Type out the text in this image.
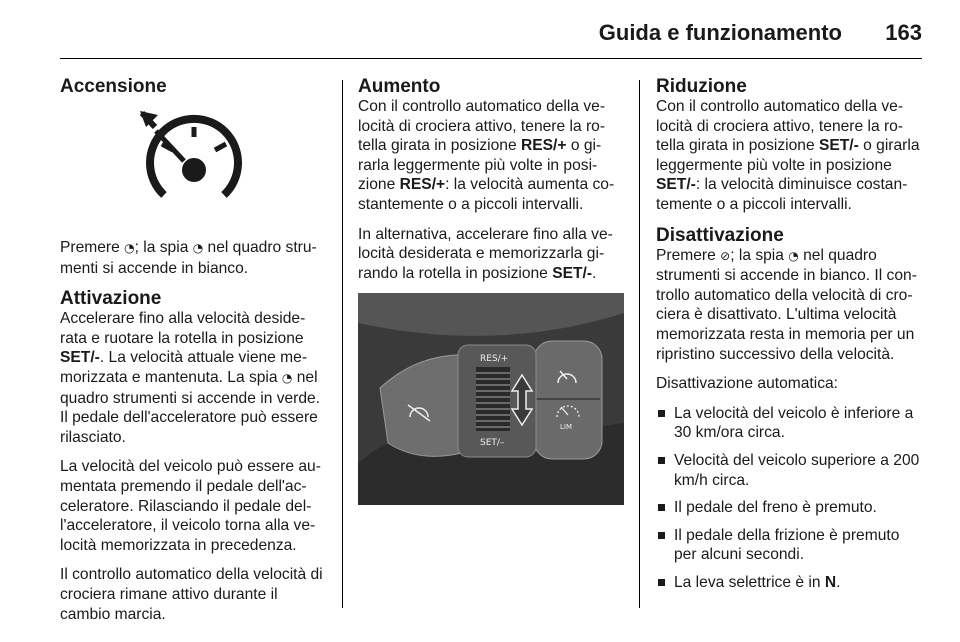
Guida e funzionamento 163
Accensione

Premere ◔; la spia ◔ nel quadro stru-menti si accende in bianco.

Attivazione

Accelerare fino alla velocità deside-rata e ruotare la rotella in posizione SET/-. La velocità attuale viene me-morizzata e mantenuta. La spia ◔ nel quadro strumenti si accende in verde. Il pedale dell'acceleratore può essere rilasciato.

La velocità del veicolo può essere au-mentata premendo il pedale dell'ac-celeratore. Rilasciando il pedale del-l'acceleratore, il veicolo torna alla ve-locità memorizzata in precedenza.

Il controllo automatico della velocità di crociera rimane attivo durante il cambio marcia.

Aumento

Con il controllo automatico della ve-locità di crociera attivo, tenere la ro-tella girata in posizione RES/+ o gi-rarla leggermente più volte in posi-zione RES/+: la velocità aumenta co-stantemente o a piccoli intervalli.

In alternativa, accelerare fino alla ve-locità desiderata e memorizzarla gi-rando la rotella in posizione SET/-.

RES/+
SET/–
LIM
Riduzione

Con il controllo automatico della ve-locità di crociera attivo, tenere la ro-tella girata in posizione SET/- o girarla leggermente più volte in posizione SET/-: la velocità diminuisce costan-temente o a piccoli intervalli.

Disattivazione

Premere ⊘; la spia ◔ nel quadro strumenti si accende in bianco. Il con-trollo automatico della velocità di cro-ciera è disattivato. L'ultima velocità memorizzata resta in memoria per un ripristino successivo della velocità.

Disattivazione automatica:

La velocità del veicolo è inferiore a 30 km/ora circa.
Velocità del veicolo superiore a 200 km/h circa.
Il pedale del freno è premuto.
Il pedale della frizione è premuto per alcuni secondi.
La leva selettrice è in N.
